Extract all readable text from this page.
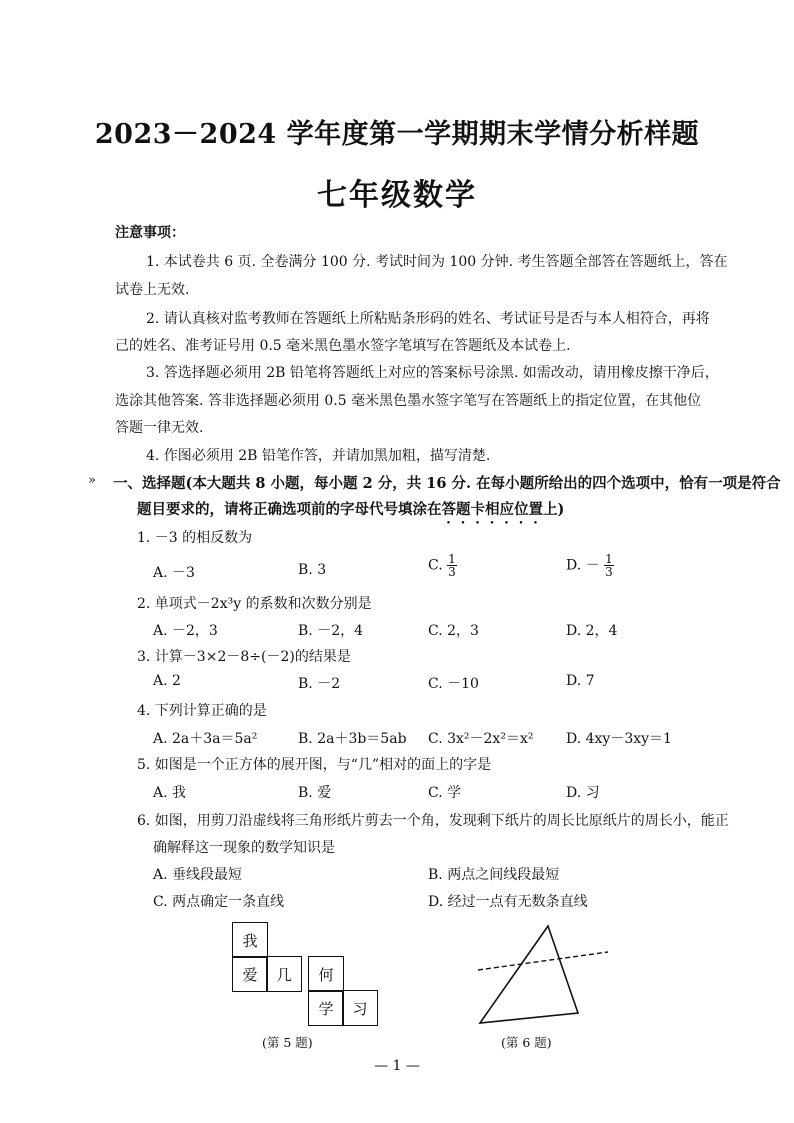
2023－2024 学年度第一学期期末学情分析样题
七年级数学
注意事项：
1. 本试卷共 6 页. 全卷满分 100 分. 考试时间为 100 分钟. 考生答题全部答在答题纸上，答在
试卷上无效.
2. 请认真核对监考教师在答题纸上所粘贴条形码的姓名、考试证号是否与本人相符合，再将
己的姓名、准考证号用 0.5 毫米黑色墨水签字笔填写在答题纸及本试卷上.
3. 答选择题必须用 2B 铅笔将答题纸上对应的答案标号涂黑. 如需改动，请用橡皮擦干净后，
选涂其他答案. 答非选择题必须用 0.5 毫米黑色墨水签字笔写在答题纸上的指定位置，在其他位
答题一律无效.
4. 作图必须用 2B 铅笔作答，并请加黑加粗，描写清楚.
» 一、选择题(本大题共 8 小题，每小题 2 分，共 16 分. 在每小题所给出的四个选项中，恰有一项是符合
题目要求的，请将正确选项前的字母代号填涂在答题卡相应位置上)
1. －3 的相反数为
A. －3	B. 3	C. $\frac{1}{3}$	D. － $\frac{1}{3}$
2. 单项式－2x³y 的系数和次数分别是
A. －2，3	B. －2，4	C. 2，3	D. 2，4
3. 计算－3×2－8÷(－2)的结果是
A. 2	B. －2	C. －10	D. 7
4. 下列计算正确的是
A. 2a＋3a＝5a²	B. 2a＋3b＝5ab C. 3x²－2x²＝x² D. 4xy－3xy＝1
5. 如图是一个正方体的展开图，与“几”相对的面上的字是
A. 我	B. 爱	C. 学	D. 习
6. 如图，用剪刀沿虚线将三角形纸片剪去一个角，发现剩下纸片的周长比原纸片的周长小，能正
确解释这一现象的数学知识是
A. 垂线段最短	B. 两点之间线段最短
C. 两点确定一条直线	D. 经过一点有无数条直线
我
爱	几	何
学	习
(第 5 题)	(第 6 题)
— 1 —
